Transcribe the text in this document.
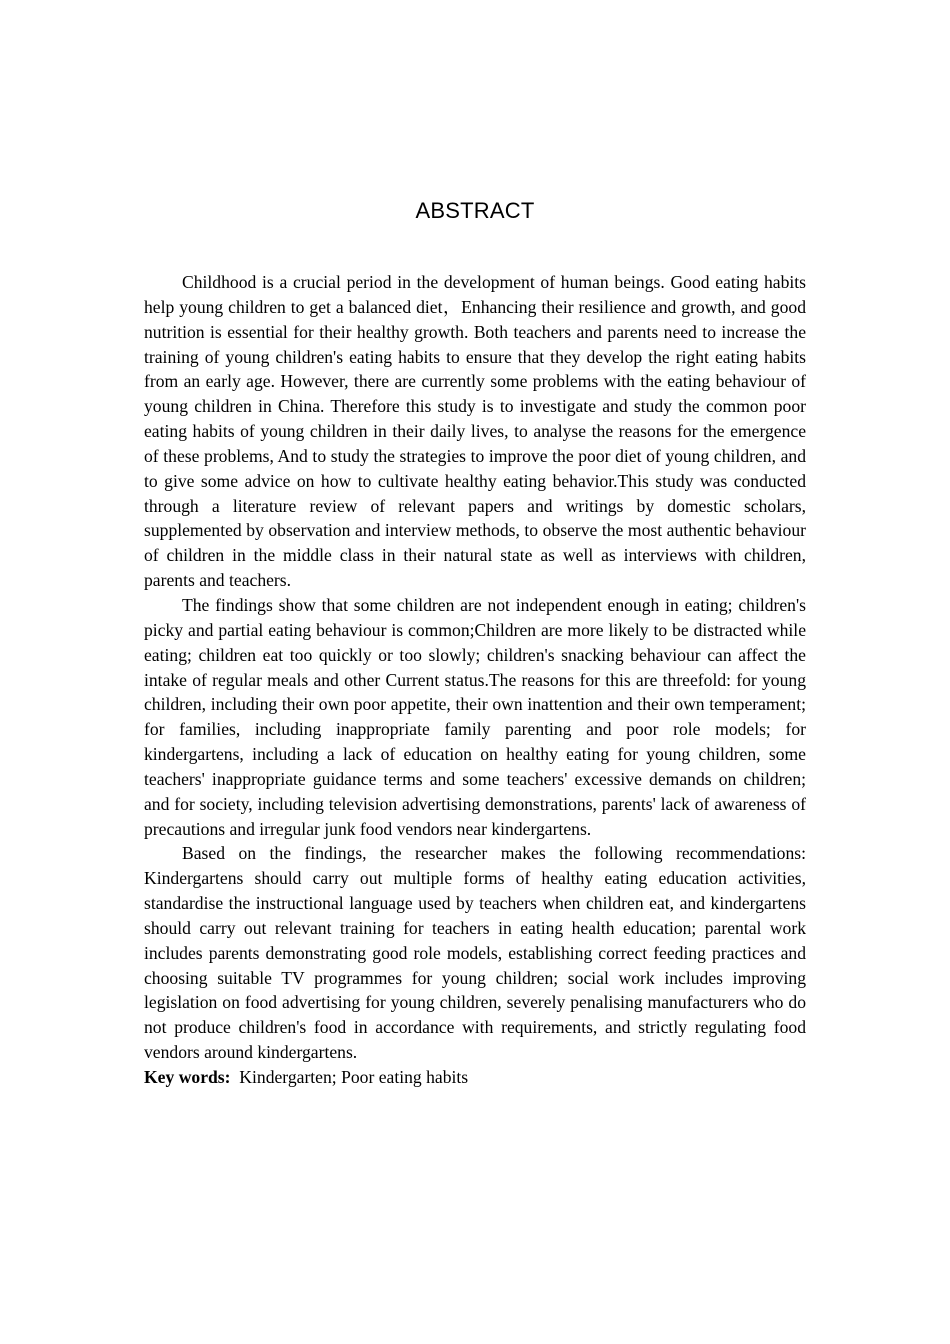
ABSTRACT

Childhood is a crucial period in the development of human beings. Good eating habits help young children to get a balanced diet，Enhancing their resilience and growth, and good nutrition is essential for their healthy growth. Both teachers and parents need to increase the training of young children's eating habits to ensure that they develop the right eating habits from an early age. However, there are currently some problems with the eating behaviour of young children in China. Therefore this study is to investigate and study the common poor eating habits of young children in their daily lives, to analyse the reasons for the emergence of these problems, And to study the strategies to improve the poor diet of young children, and to give some advice on how to cultivate healthy eating behavior.This study was conducted through a literature review of relevant papers and writings by domestic scholars, supplemented by observation and interview methods, to observe the most authentic behaviour of children in the middle class in their natural state as well as interviews with children, parents and teachers.

The findings show that some children are not independent enough in eating; children's picky and partial eating behaviour is common;Children are more likely to be distracted while eating; children eat too quickly or too slowly; children's snacking behaviour can affect the intake of regular meals and other Current status.The reasons for this are threefold: for young children, including their own poor appetite, their own inattention and their own temperament; for families, including inappropriate family parenting and poor role models; for kindergartens, including a lack of education on healthy eating for young children, some teachers' inappropriate guidance terms and some teachers' excessive demands on children; and for society, including television advertising demonstrations, parents' lack of awareness of precautions and irregular junk food vendors near kindergartens.

Based on the findings, the researcher makes the following recommendations: Kindergartens should carry out multiple forms of healthy eating education activities, standardise the instructional language used by teachers when children eat, and kindergartens should carry out relevant training for teachers in eating health education; parental work includes parents demonstrating good role models, establishing correct feeding practices and choosing suitable TV programmes for young children; social work includes improving legislation on food advertising for young children, severely penalising manufacturers who do not produce children's food in accordance with requirements, and strictly regulating food vendors around kindergartens.

Key words: Kindergarten; Poor eating habits
